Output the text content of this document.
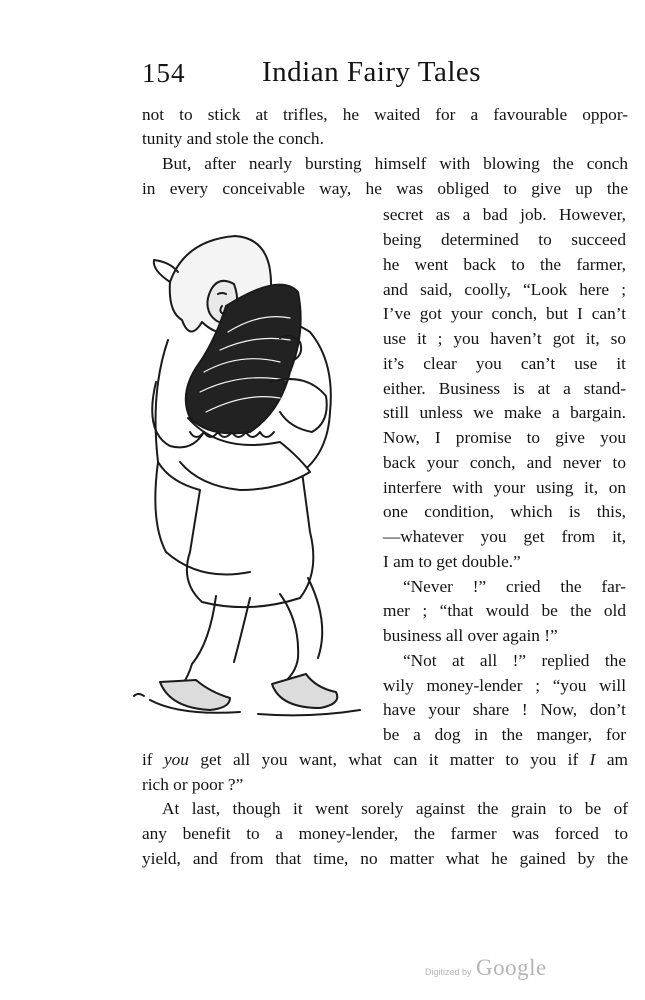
154	Indian Fairy Tales
not to stick at trifles, he waited for a favourable oppor-
tunity and stole the conch.
But, after nearly bursting himself with blowing the conch
in every conceivable way, he was obliged to give up the
secret as a bad job. However,
being determined to succeed
he went back to the farmer,
and said, coolly, “Look here ;
I’ve got your conch, but I can’t
use it ; you haven’t got it, so
it’s clear you can’t use it
either. Business is at a stand-
still unless we make a bargain.
Now, I promise to give you
back your conch, and never to
interfere with your using it, on
one condition, which is this,
—whatever you get from it,
I am to get double.”
“Never !” cried the far-
mer ; “that would be the old
business all over again !”
“Not at all !” replied the
wily money-lender ; “you will
have your share ! Now, don’t
be a dog in the manger, for
if you get all you want, what can it matter to you if I am
rich or poor ?”
At last, though it went sorely against the grain to be of
any benefit to a money-lender, the farmer was forced to
yield, and from that time, no matter what he gained by the
Digitized by Google
